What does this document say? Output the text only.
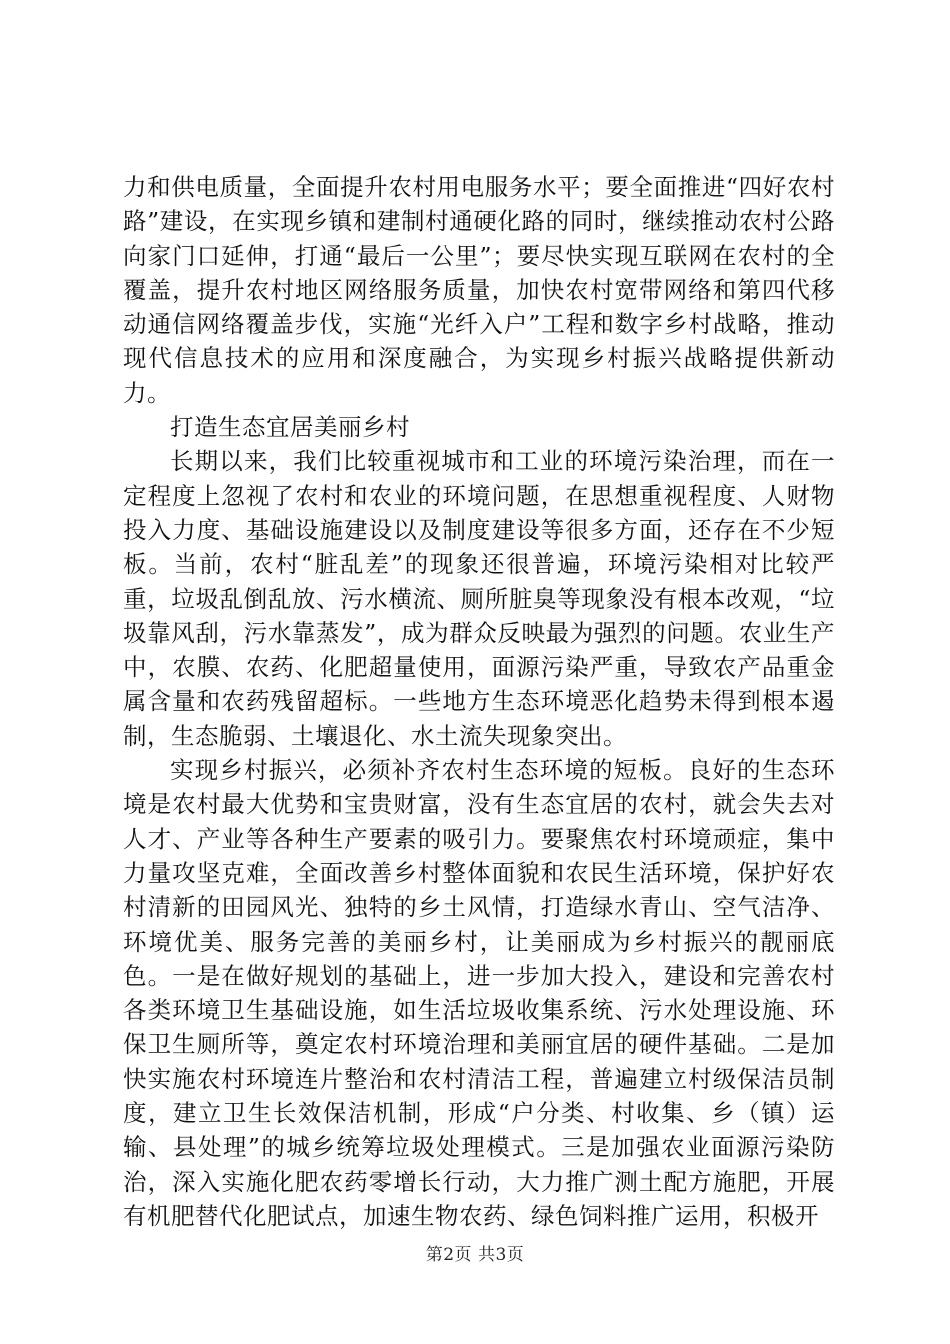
力和供电质量，全面提升农村用电服务水平；要全面推进“四好农村路”建设，在实现乡镇和建制村通硬化路的同时，继续推动农村公路向家门口延伸，打通“最后一公里”；要尽快实现互联网在农村的全覆盖，提升农村地区网络服务质量，加快农村宽带网络和第四代移动通信网络覆盖步伐，实施“光纤入户”工程和数字乡村战略，推动现代信息技术的应用和深度融合，为实现乡村振兴战略提供新动力。

打造生态宜居美丽乡村

长期以来，我们比较重视城市和工业的环境污染治理，而在一定程度上忽视了农村和农业的环境问题，在思想重视程度、人财物投入力度、基础设施建设以及制度建设等很多方面，还存在不少短板。当前，农村“脏乱差”的现象还很普遍，环境污染相对比较严重，垃圾乱倒乱放、污水横流、厕所脏臭等现象没有根本改观，“垃圾靠风刮，污水靠蒸发”，成为群众反映最为强烈的问题。农业生产中，农膜、农药、化肥超量使用，面源污染严重，导致农产品重金属含量和农药残留超标。一些地方生态环境恶化趋势未得到根本遏制，生态脆弱、土壤退化、水土流失现象突出。

实现乡村振兴，必须补齐农村生态环境的短板。良好的生态环境是农村最大优势和宝贵财富，没有生态宜居的农村，就会失去对人才、产业等各种生产要素的吸引力。要聚焦农村环境顽症，集中力量攻坚克难，全面改善乡村整体面貌和农民生活环境，保护好农村清新的田园风光、独特的乡土风情，打造绿水青山、空气洁净、环境优美、服务完善的美丽乡村，让美丽成为乡村振兴的靓丽底色。一是在做好规划的基础上，进一步加大投入，建设和完善农村各类环境卫生基础设施，如生活垃圾收集系统、污水处理设施、环保卫生厕所等，奠定农村环境治理和美丽宜居的硬件基础。二是加快实施农村环境连片整治和农村清洁工程，普遍建立村级保洁员制度，建立卫生长效保洁机制，形成“户分类、村收集、乡（镇）运输、县处理”的城乡统筹垃圾处理模式。三是加强农业面源污染防治，深入实施化肥农药零增长行动，大力推广测土配方施肥，开展有机肥替代化肥试点，加速生物农药、绿色饲料推广运用，积极开

第2页 共3页
